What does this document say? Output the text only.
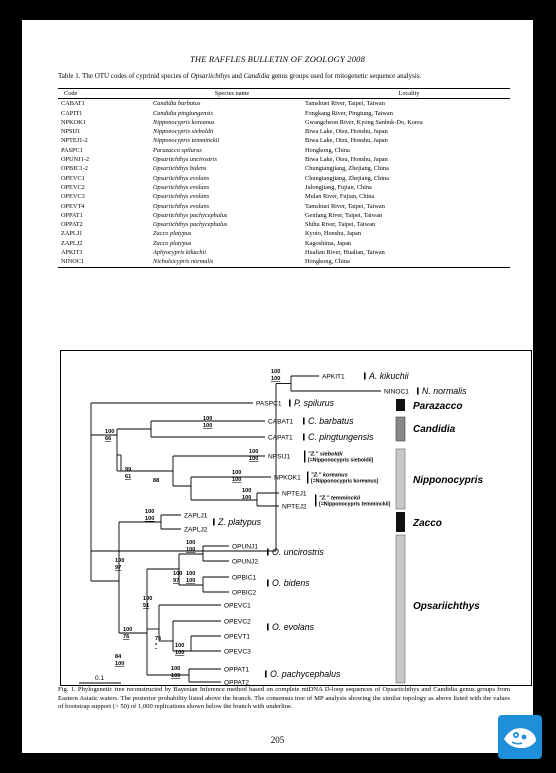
THE RAFFLES BULLETIN OF ZOOLOGY 2008
Table 1. The OTU codes of cyprinid species of Opsariichthys and Candidia genus groups used for mitogenetic sequence analysis.
Code	Species name	Locality
CABAT1	Candidia barbatus	Tamshuei River, Taipei, Taiwan
CAPIT1	Candidia pingtungensis	Fongkang River, Pingtung, Taiwan
NPKOK1	Nipponocypris koreanus	Gwangcheon River, Kyong Sanbuk-Do, Korea
NPSIJ1	Nipponocypris sieboldii	Biwa Lake, Otsu, Honshu, Japan
NPTEJ1-2	Nipponocypris temminckii	Biwa Lake, Otsu, Honshu, Japan
PASPC1	Parazacco spilurus	Hongkong, China
OPUNJ1-2	Opsariichthys uncirostris	Biwa Lake, Otsu, Honshu, Japan
OPBIC1-2	Opsariichthys bidens	Chungtangjiang, Zhejiang, China
OPEVC1	Opsariichthys evolans	Chungtangjiang, Zhejiang, China
OPEVC2	Opsariichthys evolans	Julongjiang, Fujian, China
OPEVC3	Opsariichthys evolans	Mulan River, Fujian, China
OPEVT4	Opsariichthys evolans	Tamshuei River, Taipei, Taiwan
OPPAT1	Opsariichthys pachycephalus	Genfang River, Taipei, Taiwan
OPPAT2	Opsariichthys pachycephalus	Shihu River, Taipei, Taiwan
ZAPLJ1	Zacco platypus	Kyoto, Honshu, Japan
ZAPLJ2	Zacco platypus	Kagoshima, Japan
APKIT1	Aphyocypris kikuchii	Hualian River, Hualian, Taiwan
NINOC1	Nicholsicypris normalis	Hongkong, China
APKIT1
NINOC1
PASPC1
CABAT1
CAPAT1
NPSIJ1
NPKOK1
NPTEJ1
NPTEJ2
ZAPLJ1
ZAPLJ2
OPUNJ1
OPUNJ2
OPBIC1
OPBIC2
OPEVC1
OPEVC2
OPEVT1
OPEVC3
OPPAT1
OPPAT2
A. kikuchii
N. normalis
P. spilurus
C. barbatus
C. pingtungensis
Z. platypus
O. uncirostris
O. bidens
O. evolans
O. pachycephalus
"Z." sieboldii
[=Nipponocypris sieboldii]
"Z." koreanus
[=Nipponocypris koreanus]
"Z." temminckii
[=Nipponocypris temminckii]
100
100
100
66
100
100
99
61
100
100
100
100
100
100
88
100
100
100
97
100
100
100
97
100
100
100
76
100
51
76
*	100
100
84
100
100
100
Parazacco
Candidia
Nipponocypris
Zacco
Opsariichthys
0.1
Fig. 1. Phylogenetic tree reconstructed by Bayesian Inference method based on complete mtDNA D-loop sequences of Opsariichthys and Candidia genus groups from Eastern Asiatic waters. The posterior probability listed above the branch. The consensus tree of MP analysis showing the similar topology as above listed with the values of bootstrap support (> 50) of 1,000 replications shown below the branch with underline.
205
